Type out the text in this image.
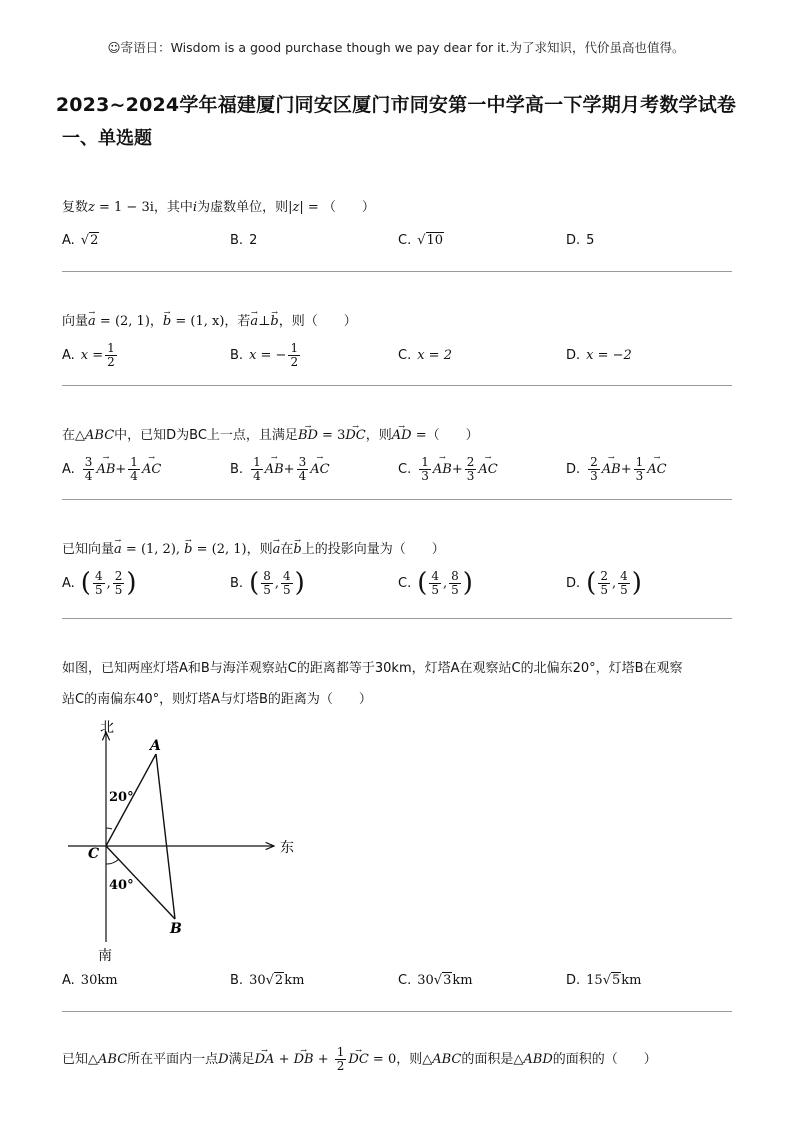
☺寄语日：Wisdom is a good purchase though we pay dear for it.为了求知识，代价虽高也值得。
2023~2024学年福建厦门同安区厦门市同安第一中学高一下学期月考数学试卷
一、单选题
复数z = 1 − 3i，其中i为虚数单位，则|z| = （　　）
A. √2	B. 2	C. √10	D. 5
向量a → = (2, 1)，b → = (1, x)，若a →⊥b →，则（　　）
A. $x = \frac{1}{2}$	B. x = − $\frac{1}{2}$	C. x = 2	D. x = −2
在△ABC中，已知D为BC上一点，且满足BD → = 3DC →，则AD → =（　　）
A. $\frac{3}{4}$ AB → + $\frac{1}{4}$ AC →	B. $\frac{1}{4}$ AB → + $\frac{3}{4}$ AC →	C. $\frac{1}{3}$ AB → + $\frac{2}{3}$ AC →	D. $\frac{2}{3}$ AB → + $\frac{1}{3}$ AC →
已知向量a → = (1, 2), b → = (2, 1)，则a →在b →上的投影向量为（　　）
A. ( $\frac{4}{5}$ , $\frac{2}{5}$ )	B. ( $\frac{8}{5}$ , $\frac{4}{5}$ )	C. ( $\frac{4}{5}$ , $\frac{8}{5}$ )	D. ( $\frac{2}{5}$ , $\frac{4}{5}$ )
如图，已知两座灯塔A和B与海洋观察站C的距离都等于30km，灯塔A在观察站C的北偏东20°，灯塔B在观察
站C的南偏东40°，则灯塔A与灯塔B的距离为（　　）
北
南
东
A
B
C
20°
40°
A. 30km	B. 30 √2 km	C. 30 √3 km	D. 15 √5 km
已知△ABC所在平面内一点D满足DA → + DB → + $\frac{1}{2}$ DC → = 0，则△ABC的面积是△ABD的面积的（　　）
